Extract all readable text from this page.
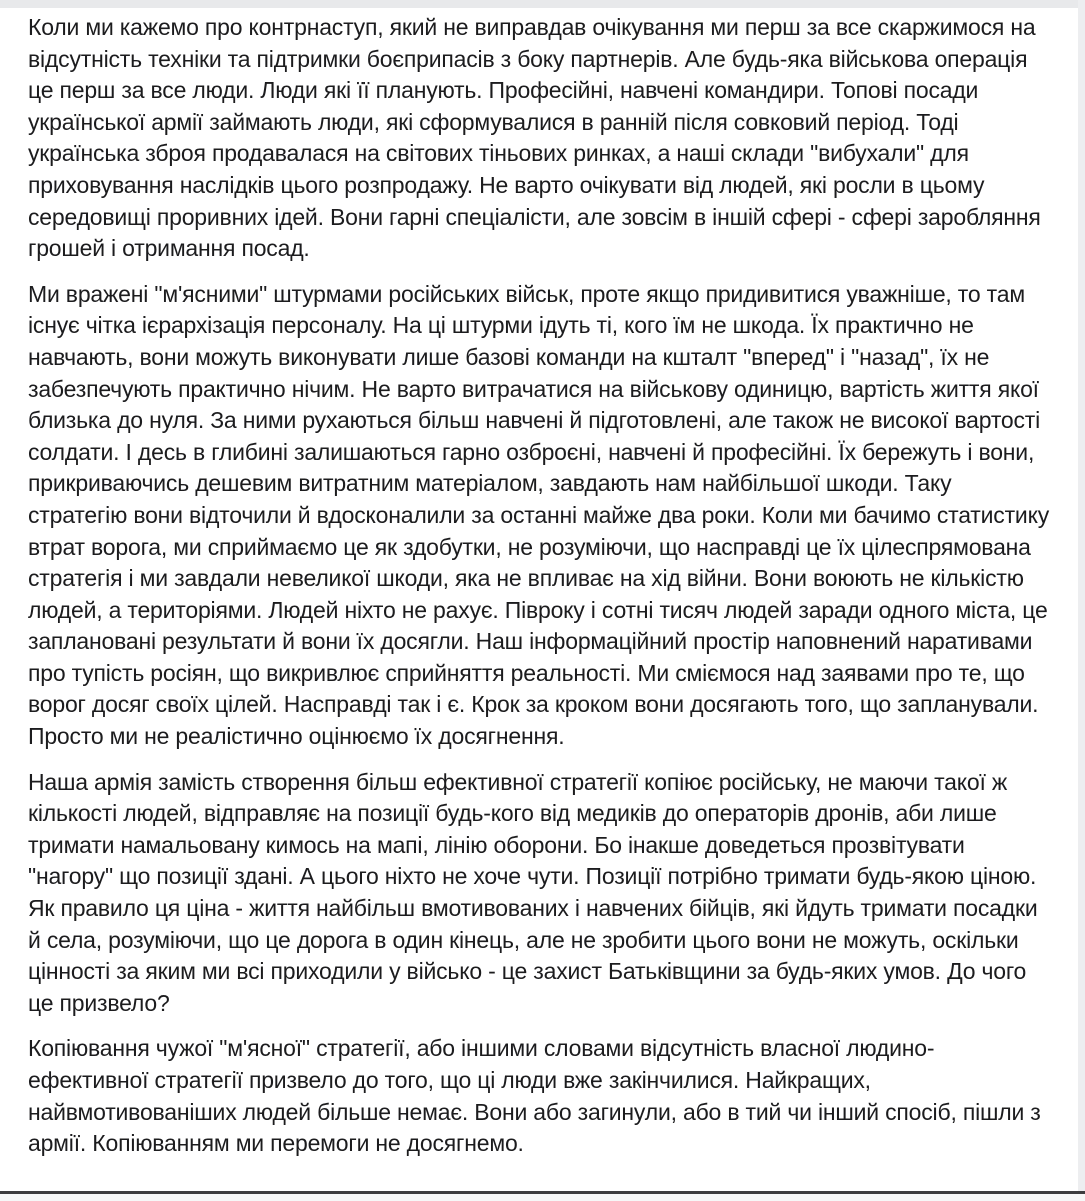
Коли ми кажемо про контрнаступ, який не виправдав очікування ми перш за все скаржимося на відсутність техніки та підтримки боєприпасів з боку партнерів. Але будь-яка військова операція це перш за все люди. Люди які її планують. Професійні, навчені командири. Топові посади української армії займають люди, які сформувалися в ранній після совковий період. Тоді українська зброя продавалася на світових тіньових ринках, а наші склади "вибухали" для приховування наслідків цього розпродажу. Не варто очікувати від людей, які росли в цьому середовищі проривних ідей. Вони гарні спеціалісти, але зовсім в іншій сфері - сфері заробляння грошей і отримання посад.

Ми вражені "м'ясними" штурмами російських військ, проте якщо придивитися уважніше, то там існує чітка ієрархізація персоналу. На ці штурми ідуть ті, кого їм не шкода. Їх практично не навчають, вони можуть виконувати лише базові команди на кшталт "вперед" і "назад", їх не забезпечують практично нічим. Не варто витрачатися на військову одиницю, вартість життя якої близька до нуля. За ними рухаються більш навчені й підготовлені, але також не високої вартості солдати. І десь в глибині залишаються гарно озброєні, навчені й професійні. Їх бережуть і вони, прикриваючись дешевим витратним матеріалом, завдають нам найбільшої шкоди. Таку стратегію вони відточили й вдосконалили за останні майже два роки. Коли ми бачимо статистику втрат ворога, ми сприймаємо це як здобутки, не розуміючи, що насправді це їх цілеспрямована стратегія і ми завдали невеликої шкоди, яка не впливає на хід війни. Вони воюють не кількістю людей, а територіями. Людей ніхто не рахує. Півроку і сотні тисяч людей заради одного міста, це заплановані результати й вони їх досягли. Наш інформаційний простір наповнений наративами про тупість росіян, що викривлює сприйняття реальності. Ми сміємося над заявами про те, що ворог досяг своїх цілей. Насправді так і є. Крок за кроком вони досягають того, що запланували. Просто ми не реалістично оцінюємо їх досягнення.

Наша армія замість створення більш ефективної стратегії копіює російську, не маючи такої ж кількості людей, відправляє на позиції будь-кого від медиків до операторів дронів, аби лише тримати намальовану кимось на мапі, лінію оборони. Бо інакше доведеться прозвітувати "нагору" що позиції здані. А цього ніхто не хоче чути. Позиції потрібно тримати будь-якою ціною. Як правило ця ціна - життя найбільш вмотивованих і навчених бійців, які йдуть тримати посадки й села, розуміючи, що це дорога в один кінець, але не зробити цього вони не можуть, оскільки цінності за яким ми всі приходили у військо - це захист Батьківщини за будь-яких умов. До чого це призвело?

Копіювання чужої "м'ясної" стратегії, або іншими словами відсутність власної людино-ефективної стратегії призвело до того, що ці люди вже закінчилися. Найкращих, найвмотивованіших людей більше немає. Вони або загинули, або в тий чи інший спосіб, пішли з армії. Копіюванням ми перемоги не досягнемо.
